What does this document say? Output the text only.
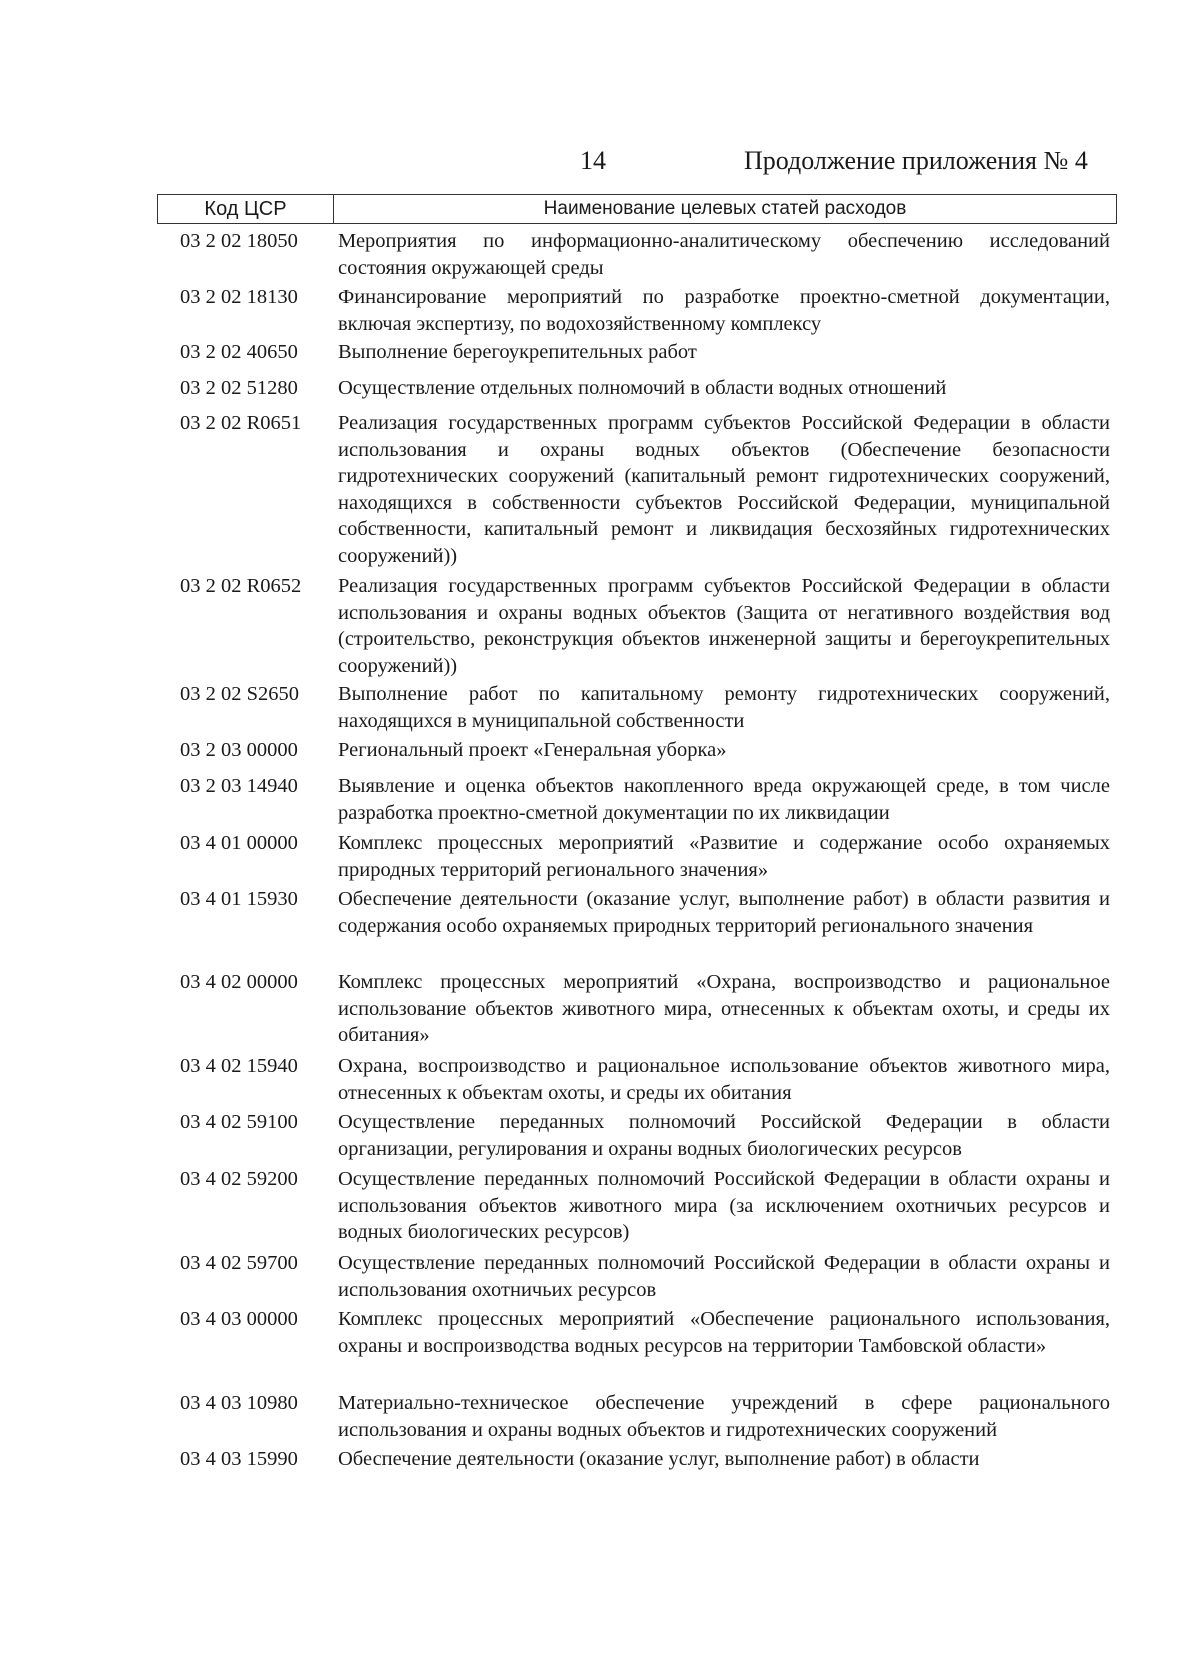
14	Продолжение приложения № 4
Код ЦСР	Наименование целевых статей расходов
03 2 02 18050	Мероприятия по информационно-аналитическому обеспечению исследований состояния окружающей среды
03 2 02 18130	Финансирование мероприятий по разработке проектно-сметной документации, включая экспертизу, по водохозяйственному комплексу
03 2 02 40650	Выполнение берегоукрепительных работ
03 2 02 51280	Осуществление отдельных полномочий в области водных отношений
03 2 02 R0651	Реализация государственных программ субъектов Российской Федерации в области использования и охраны водных объектов (Обеспечение безопасности гидротехнических сооружений (капитальный ремонт гидротехнических сооружений, находящихся в собственности субъектов Российской Федерации, муниципальной собственности, капитальный ремонт и ликвидация бесхозяйных гидротехнических сооружений))
03 2 02 R0652	Реализация государственных программ субъектов Российской Федерации в области использования и охраны водных объектов (Защита от негативного воздействия вод (строительство, реконструкция объектов инженерной защиты и берегоукрепительных сооружений))
03 2 02 S2650	Выполнение работ по капитальному ремонту гидротехнических сооружений, находящихся в муниципальной собственности
03 2 03 00000	Региональный проект «Генеральная уборка»
03 2 03 14940	Выявление и оценка объектов накопленного вреда окружающей среде, в том числе разработка проектно-сметной документации по их ликвидации
03 4 01 00000	Комплекс процессных мероприятий «Развитие и содержание особо охраняемых природных территорий регионального значения»
03 4 01 15930	Обеспечение деятельности (оказание услуг, выполнение работ) в области развития и содержания особо охраняемых природных территорий регионального значения
03 4 02 00000	Комплекс процессных мероприятий «Охрана, воспроизводство и рациональное использование объектов животного мира, отнесенных к объектам охоты, и среды их обитания»
03 4 02 15940	Охрана, воспроизводство и рациональное использование объектов животного мира, отнесенных к объектам охоты, и среды их обитания
03 4 02 59100	Осуществление переданных полномочий Российской Федерации в области организации, регулирования и охраны водных биологических ресурсов
03 4 02 59200	Осуществление переданных полномочий Российской Федерации в области охраны и использования объектов животного мира (за исключением охотничьих ресурсов и водных биологических ресурсов)
03 4 02 59700	Осуществление переданных полномочий Российской Федерации в области охраны и использования охотничьих ресурсов
03 4 03 00000	Комплекс процессных мероприятий «Обеспечение рационального использования, охраны и воспроизводства водных ресурсов на территории Тамбовской области»
03 4 03 10980	Материально-техническое обеспечение учреждений в сфере рационального использования и охраны водных объектов и гидротехнических сооружений
03 4 03 15990	Обеспечение деятельности (оказание услуг, выполнение работ) в области
